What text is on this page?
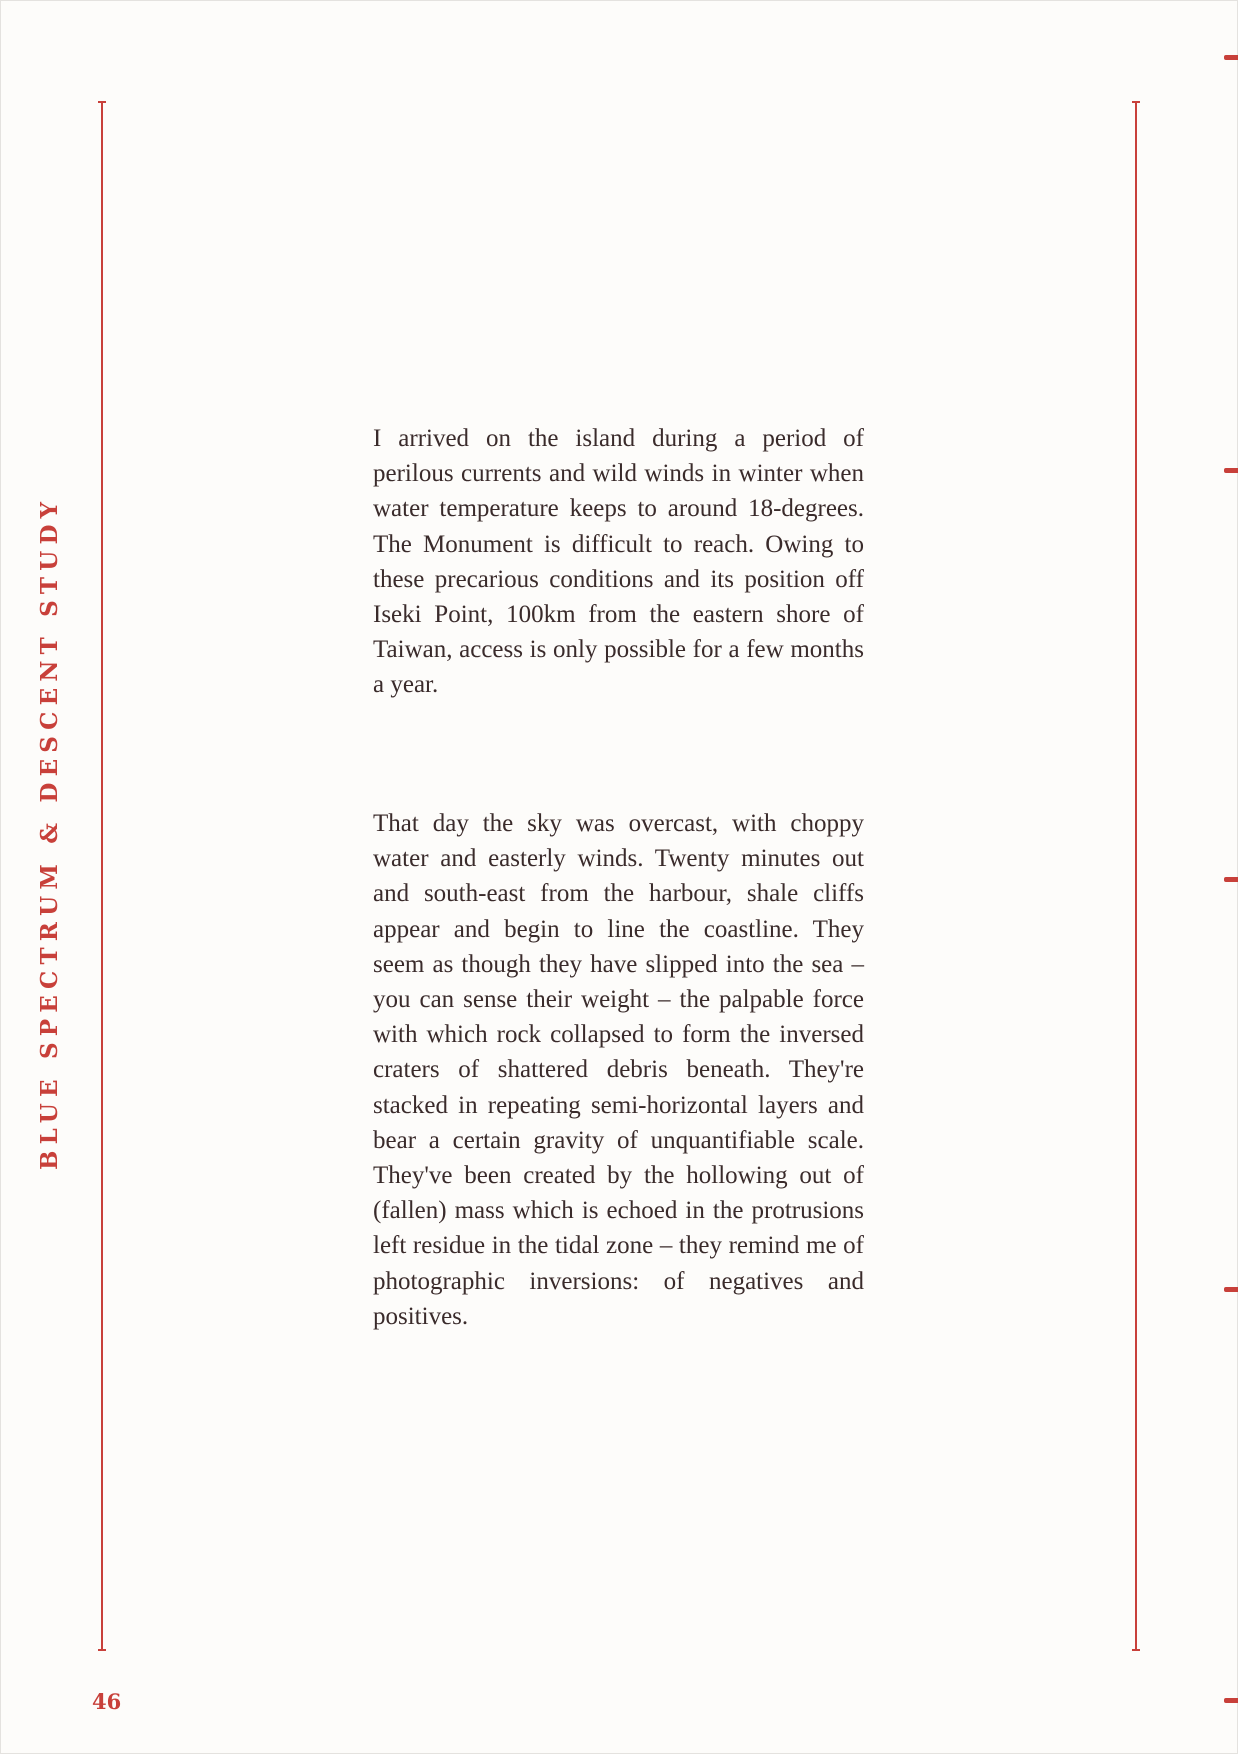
BLUE SPECTRUM & DESCENT STUDY
46

I arrived on the island during a period of perilous currents and wild winds in winter when water temperature keeps to around 18-degrees. The Monument is difficult to reach. Owing to these precarious conditions and its position off Iseki Point, 100km from the eastern shore of Taiwan, access is only possible for a few months a year.

That day the sky was overcast, with choppy water and easterly winds. Twenty minutes out and south-east from the harbour, shale cliffs appear and begin to line the coastline. They seem as though they have slipped into the sea – you can sense their weight – the palpable force with which rock collapsed to form the inversed craters of shattered debris beneath. They're stacked in repeating semi-horizontal layers and bear a certain gravity of unquantifiable scale. They've been created by the hollowing out of (fallen) mass which is echoed in the protrusions left residue in the tidal zone – they remind me of photographic inversions: of negatives and positives.
